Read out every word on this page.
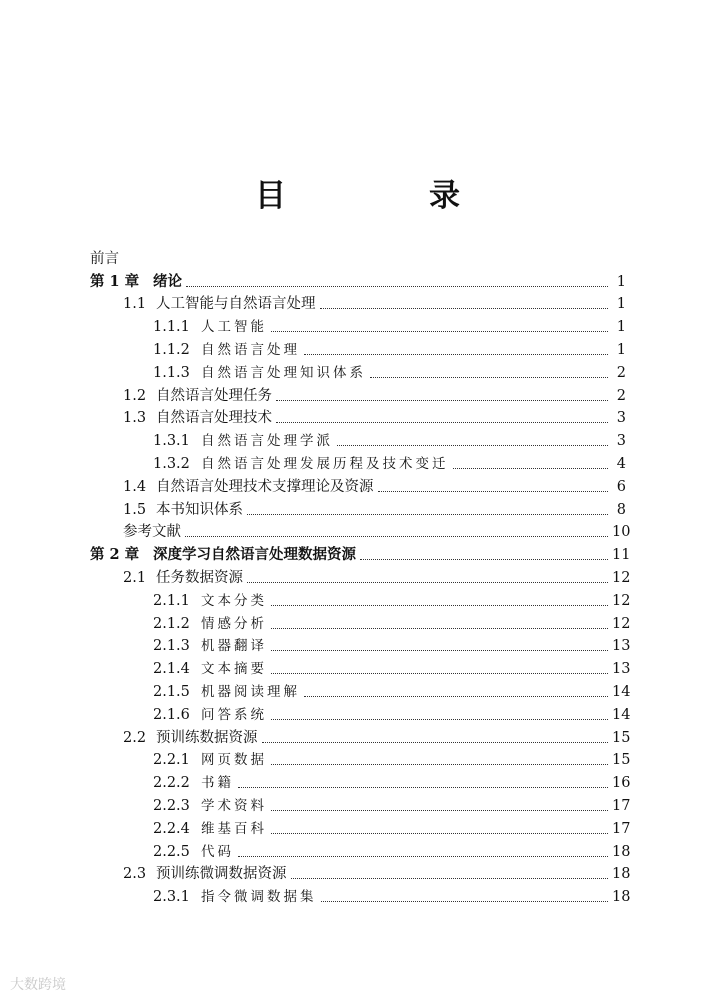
目　录
前言
第 1 章 绪论	1
1.1 人工智能与自然语言处理	1
1.1.1 人工智能	1
1.1.2 自然语言处理	1
1.1.3 自然语言处理知识体系	2
1.2 自然语言处理任务	2
1.3 自然语言处理技术	3
1.3.1 自然语言处理学派	3
1.3.2 自然语言处理发展历程及技术变迁	4
1.4 自然语言处理技术支撑理论及资源	6
1.5 本书知识体系	8
参考文献	10
第 2 章 深度学习自然语言处理数据资源	11
2.1 任务数据资源	12
2.1.1 文本分类	12
2.1.2 情感分析	12
2.1.3 机器翻译	13
2.1.4 文本摘要	13
2.1.5 机器阅读理解	14
2.1.6 问答系统	14
2.2 预训练数据资源	15
2.2.1 网页数据	15
2.2.2 书籍	16
2.2.3 学术资料	17
2.2.4 维基百科	17
2.2.5 代码	18
2.3 预训练微调数据资源	18
2.3.1 指令微调数据集	18
大数跨境
